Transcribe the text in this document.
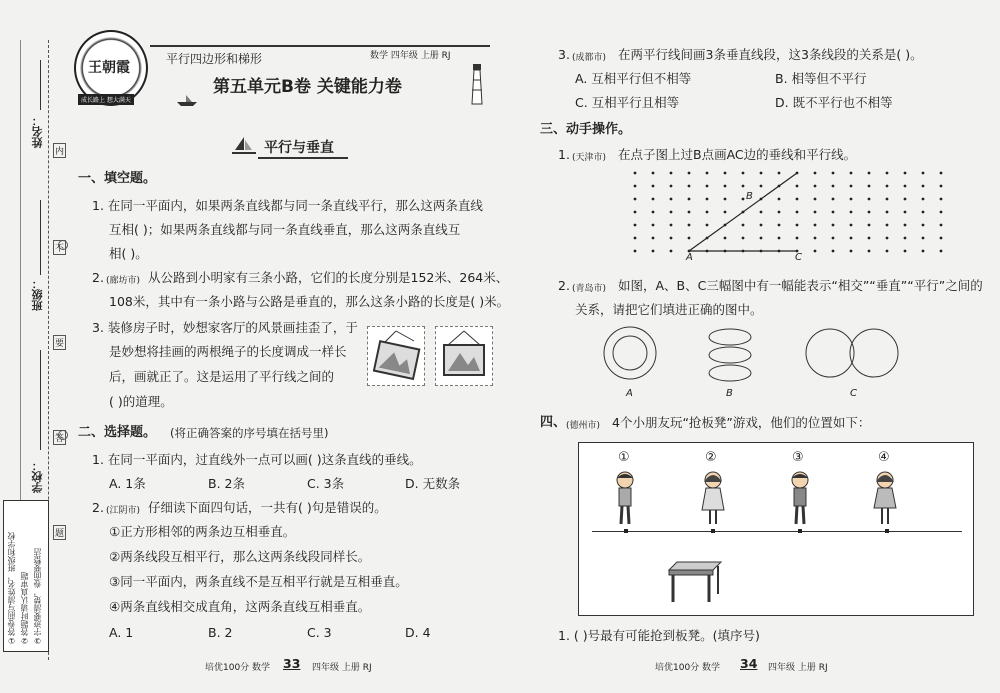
姓名：
班级：
学校：
内
不
要
答
题
①答卷前写清姓名，班级和学校 ②答题时请认真审题 ③字迹要清楚，卷面要整洁
王朝霞
成长路上 想大满天
平行四边形和梯形	数学 四年级 上册 RJ
第五单元B卷 关键能力卷
平行与垂直
一、填空题。
1. 在同一平面内，如果两条直线都与同一条直线平行，那么这两条直线
互相( )；如果两条直线都与同一条直线垂直，那么这两条直线互
相( )。
(廊坊市)
2.	从公路到小明家有三条小路，它们的长度分别是152米、264米、
108米，其中有一条小路与公路是垂直的，那么这条小路的长度是( )米。
3. 装修房子时，妙想家客厅的风景画挂歪了，于
是妙想将挂画的两根绳子的长度调成一样长
后，画就正了。这是运用了平行线之间的
( )的道理。
二、选择题。 (将正确答案的序号填在括号里)
1. 在同一平面内，过直线外一点可以画( )这条直线的垂线。
A. 1条	B. 2条	C. 3条	D. 无数条
2. (江阴市) 仔细读下面四句话，一共有( )句是错误的。
①正方形相邻的两条边互相垂直。
②两条线段互相平行，那么这两条线段同样长。
③同一平面内，两条直线不是互相平行就是互相垂直。
④两条直线相交成直角，这两条直线互相垂直。
A. 1	B. 2	C. 3	D. 4
培优100分 数学 33 四年级 上册 RJ
3. (成都市) 在两平行线间画3条垂直线段，这3条线段的关系是( )。
A. 互相平行但不相等	B. 相等但不平行
C. 互相平行且相等	D. 既不平行也不相等
三、动手操作。
1. (天津市) 在点子图上过B点画AC边的垂线和平行线。
A
B
C
2. (青岛市) 如图，A、B、C三幅图中有一幅能表示“相交”“垂直”“平行”之间的
关系，请把它们填进正确的图中。
A	B	C
四、 (德州市) 4个小朋友玩“抢板凳”游戏，他们的位置如下：
①	②	③	④
1. ( )号最有可能抢到板凳。(填序号)
培优100分 数学 34 四年级 上册 RJ
